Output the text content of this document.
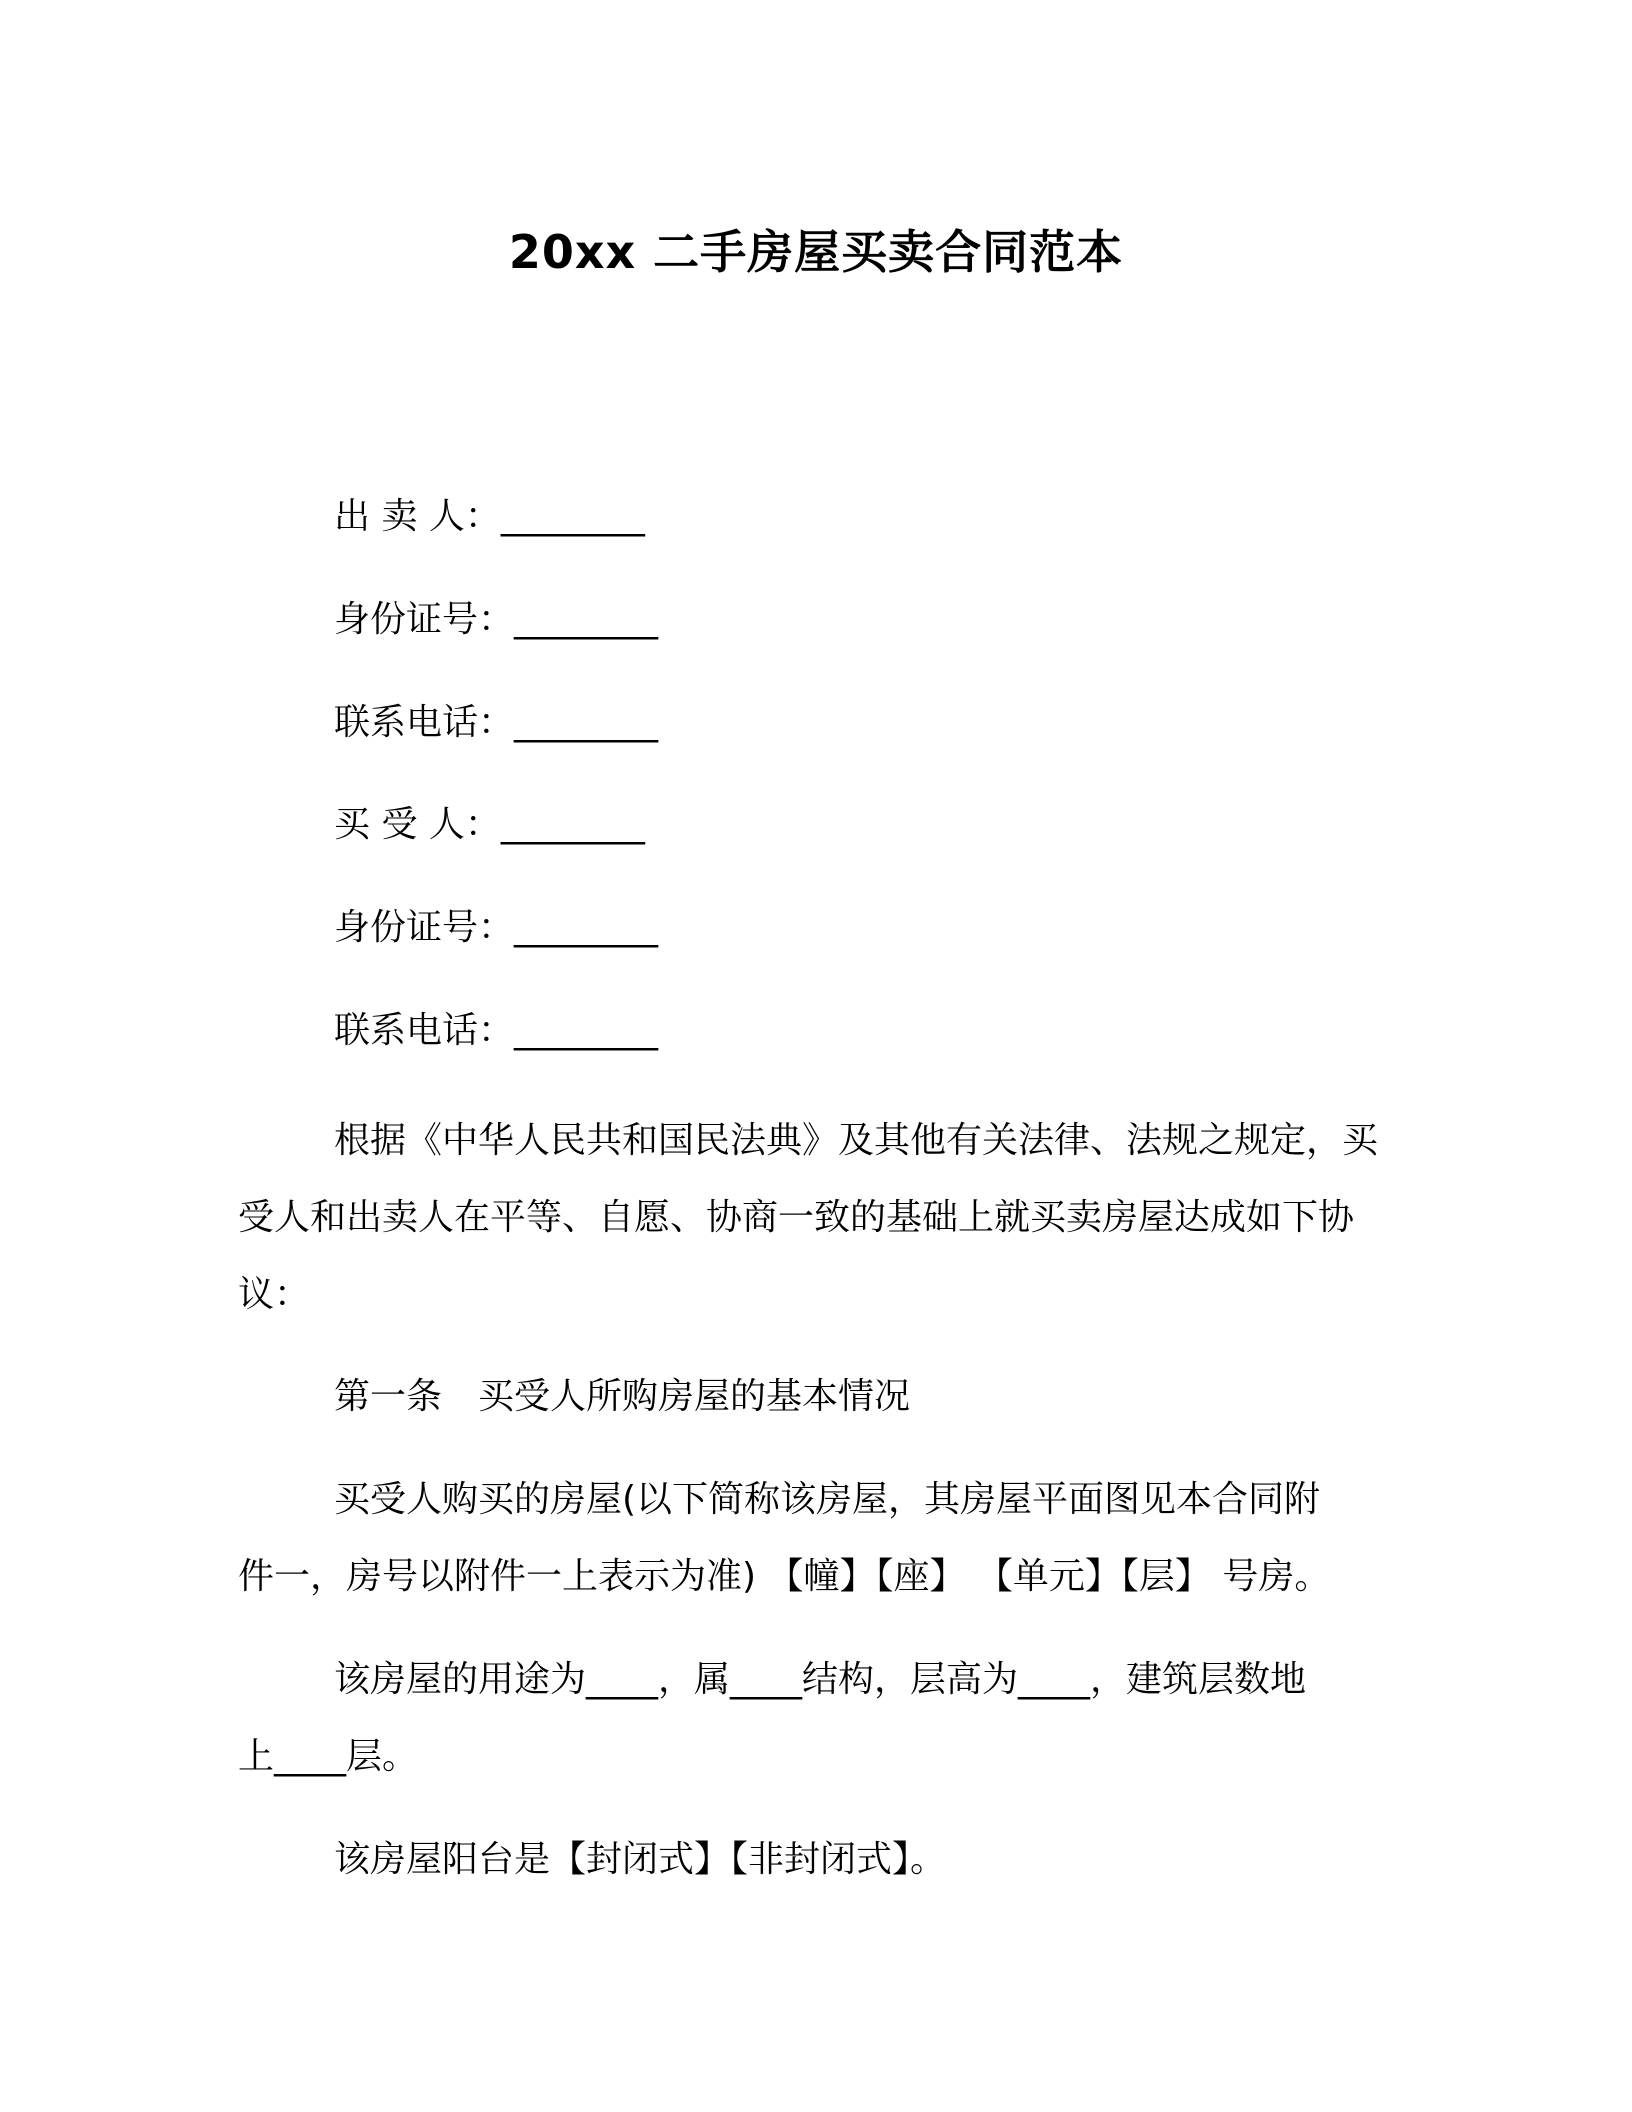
20xx 二手房屋买卖合同范本
出 卖 人：________
身份证号：________
联系电话：________
买 受 人：________
身份证号：________
联系电话：________
根据《中华人民共和国民法典》及其他有关法律、法规之规定，买受人和出卖人在平等、自愿、协商一致的基础上就买卖房屋达成如下协议：
第一条　买受人所购房屋的基本情况
买受人购买的房屋(以下简称该房屋，其房屋平面图见本合同附
件一，房号以附件一上表示为准) 【幢】【座】 【单元】【层】 号房。
该房屋的用途为____，属____结构，层高为____，建筑层数地
上____层。
该房屋阳台是【封闭式】【非封闭式】。
